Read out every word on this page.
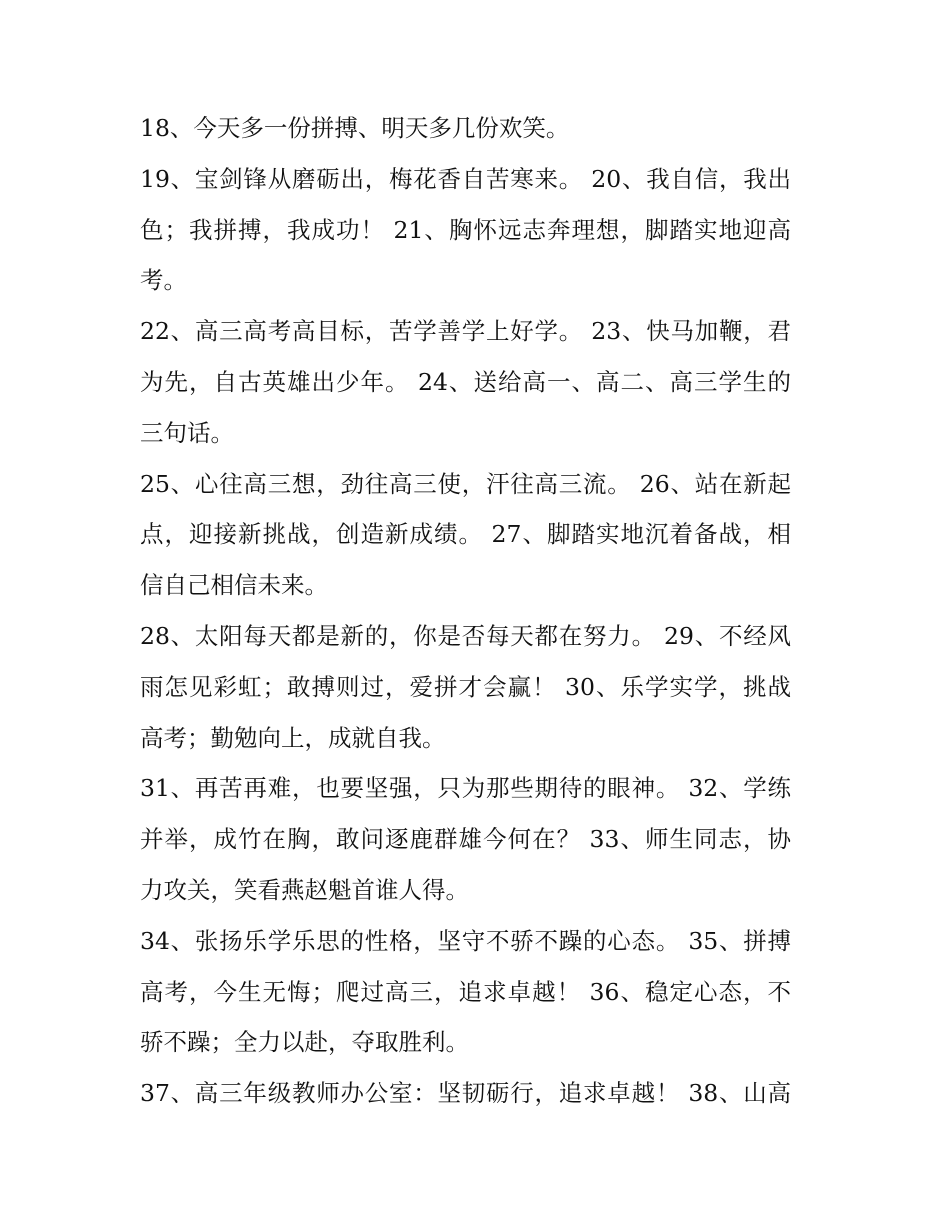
18、今天多一份拼搏、明天多几份欢笑。
19、宝剑锋从磨砺出，梅花香自苦寒来。 20、我自信，我出
色；我拼搏，我成功！ 21、胸怀远志奔理想，脚踏实地迎高
考。
22、高三高考高目标，苦学善学上好学。 23、快马加鞭，君
为先，自古英雄出少年。 24、送给高一、高二、高三学生的
三句话。
25、心往高三想，劲往高三使，汗往高三流。 26、站在新起
点，迎接新挑战，创造新成绩。 27、脚踏实地沉着备战，相
信自己相信未来。
28、太阳每天都是新的，你是否每天都在努力。 29、不经风
雨怎见彩虹；敢搏则过，爱拼才会赢！ 30、乐学实学，挑战
高考；勤勉向上，成就自我。
31、再苦再难，也要坚强，只为那些期待的眼神。 32、学练
并举，成竹在胸，敢问逐鹿群雄今何在？ 33、师生同志，协
力攻关，笑看燕赵魁首谁人得。
34、张扬乐学乐思的性格，坚守不骄不躁的心态。 35、拼搏
高考，今生无悔；爬过高三，追求卓越！ 36、稳定心态，不
骄不躁；全力以赴，夺取胜利。
37、高三年级教师办公室：坚韧砺行，追求卓越！ 38、山高
